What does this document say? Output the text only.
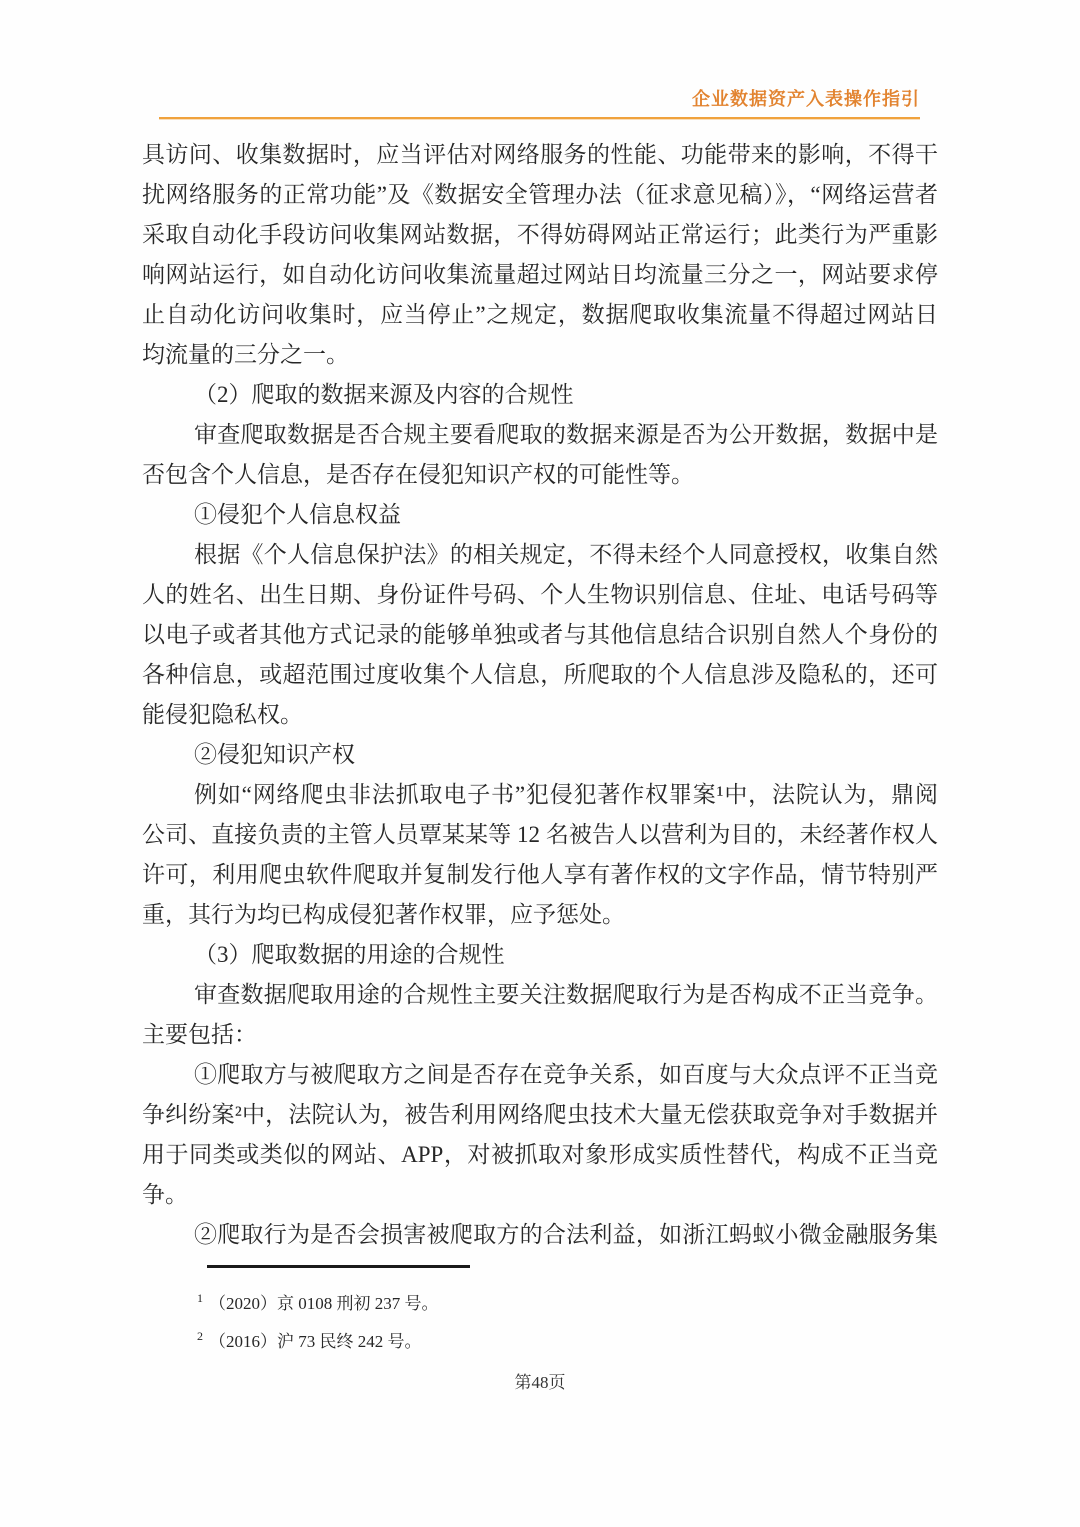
企业数据资产入表操作指引
具访问、收集数据时，应当评估对网络服务的性能、功能带来的影响，不得干
扰网络服务的正常功能”及《数据安全管理办法（征求意见稿）》，“网络运营者
采取自动化手段访问收集网站数据，不得妨碍网站正常运行；此类行为严重影
响网站运行，如自动化访问收集流量超过网站日均流量三分之一，网站要求停
止自动化访问收集时，应当停止”之规定，数据爬取收集流量不得超过网站日
均流量的三分之一。
（2）爬取的数据来源及内容的合规性
审查爬取数据是否合规主要看爬取的数据来源是否为公开数据，数据中是
否包含个人信息，是否存在侵犯知识产权的可能性等。
①侵犯个人信息权益
根据《个人信息保护法》的相关规定，不得未经个人同意授权，收集自然
人的姓名、出生日期、身份证件号码、个人生物识别信息、住址、电话号码等
以电子或者其他方式记录的能够单独或者与其他信息结合识别自然人个身份的
各种信息，或超范围过度收集个人信息，所爬取的个人信息涉及隐私的，还可
能侵犯隐私权。
②侵犯知识产权
例如“网络爬虫非法抓取电子书”犯侵犯著作权罪案¹中，法院认为，鼎阅
公司、直接负责的主管人员覃某某等 12 名被告人以营利为目的，未经著作权人
许可，利用爬虫软件爬取并复制发行他人享有著作权的文字作品，情节特别严
重，其行为均已构成侵犯著作权罪，应予惩处。
（3）爬取数据的用途的合规性
审查数据爬取用途的合规性主要关注数据爬取行为是否构成不正当竞争。
主要包括：
①爬取方与被爬取方之间是否存在竞争关系，如百度与大众点评不正当竞
争纠纷案²中，法院认为，被告利用网络爬虫技术大量无偿获取竞争对手数据并
用于同类或类似的网站、APP，对被抓取对象形成实质性替代，构成不正当竞
争。
②爬取行为是否会损害被爬取方的合法利益，如浙江蚂蚁小微金融服务集
$^1$ （2020）京 0108 刑初 237 号。
$^2$ （2016）沪 73 民终 242 号。
第48页
